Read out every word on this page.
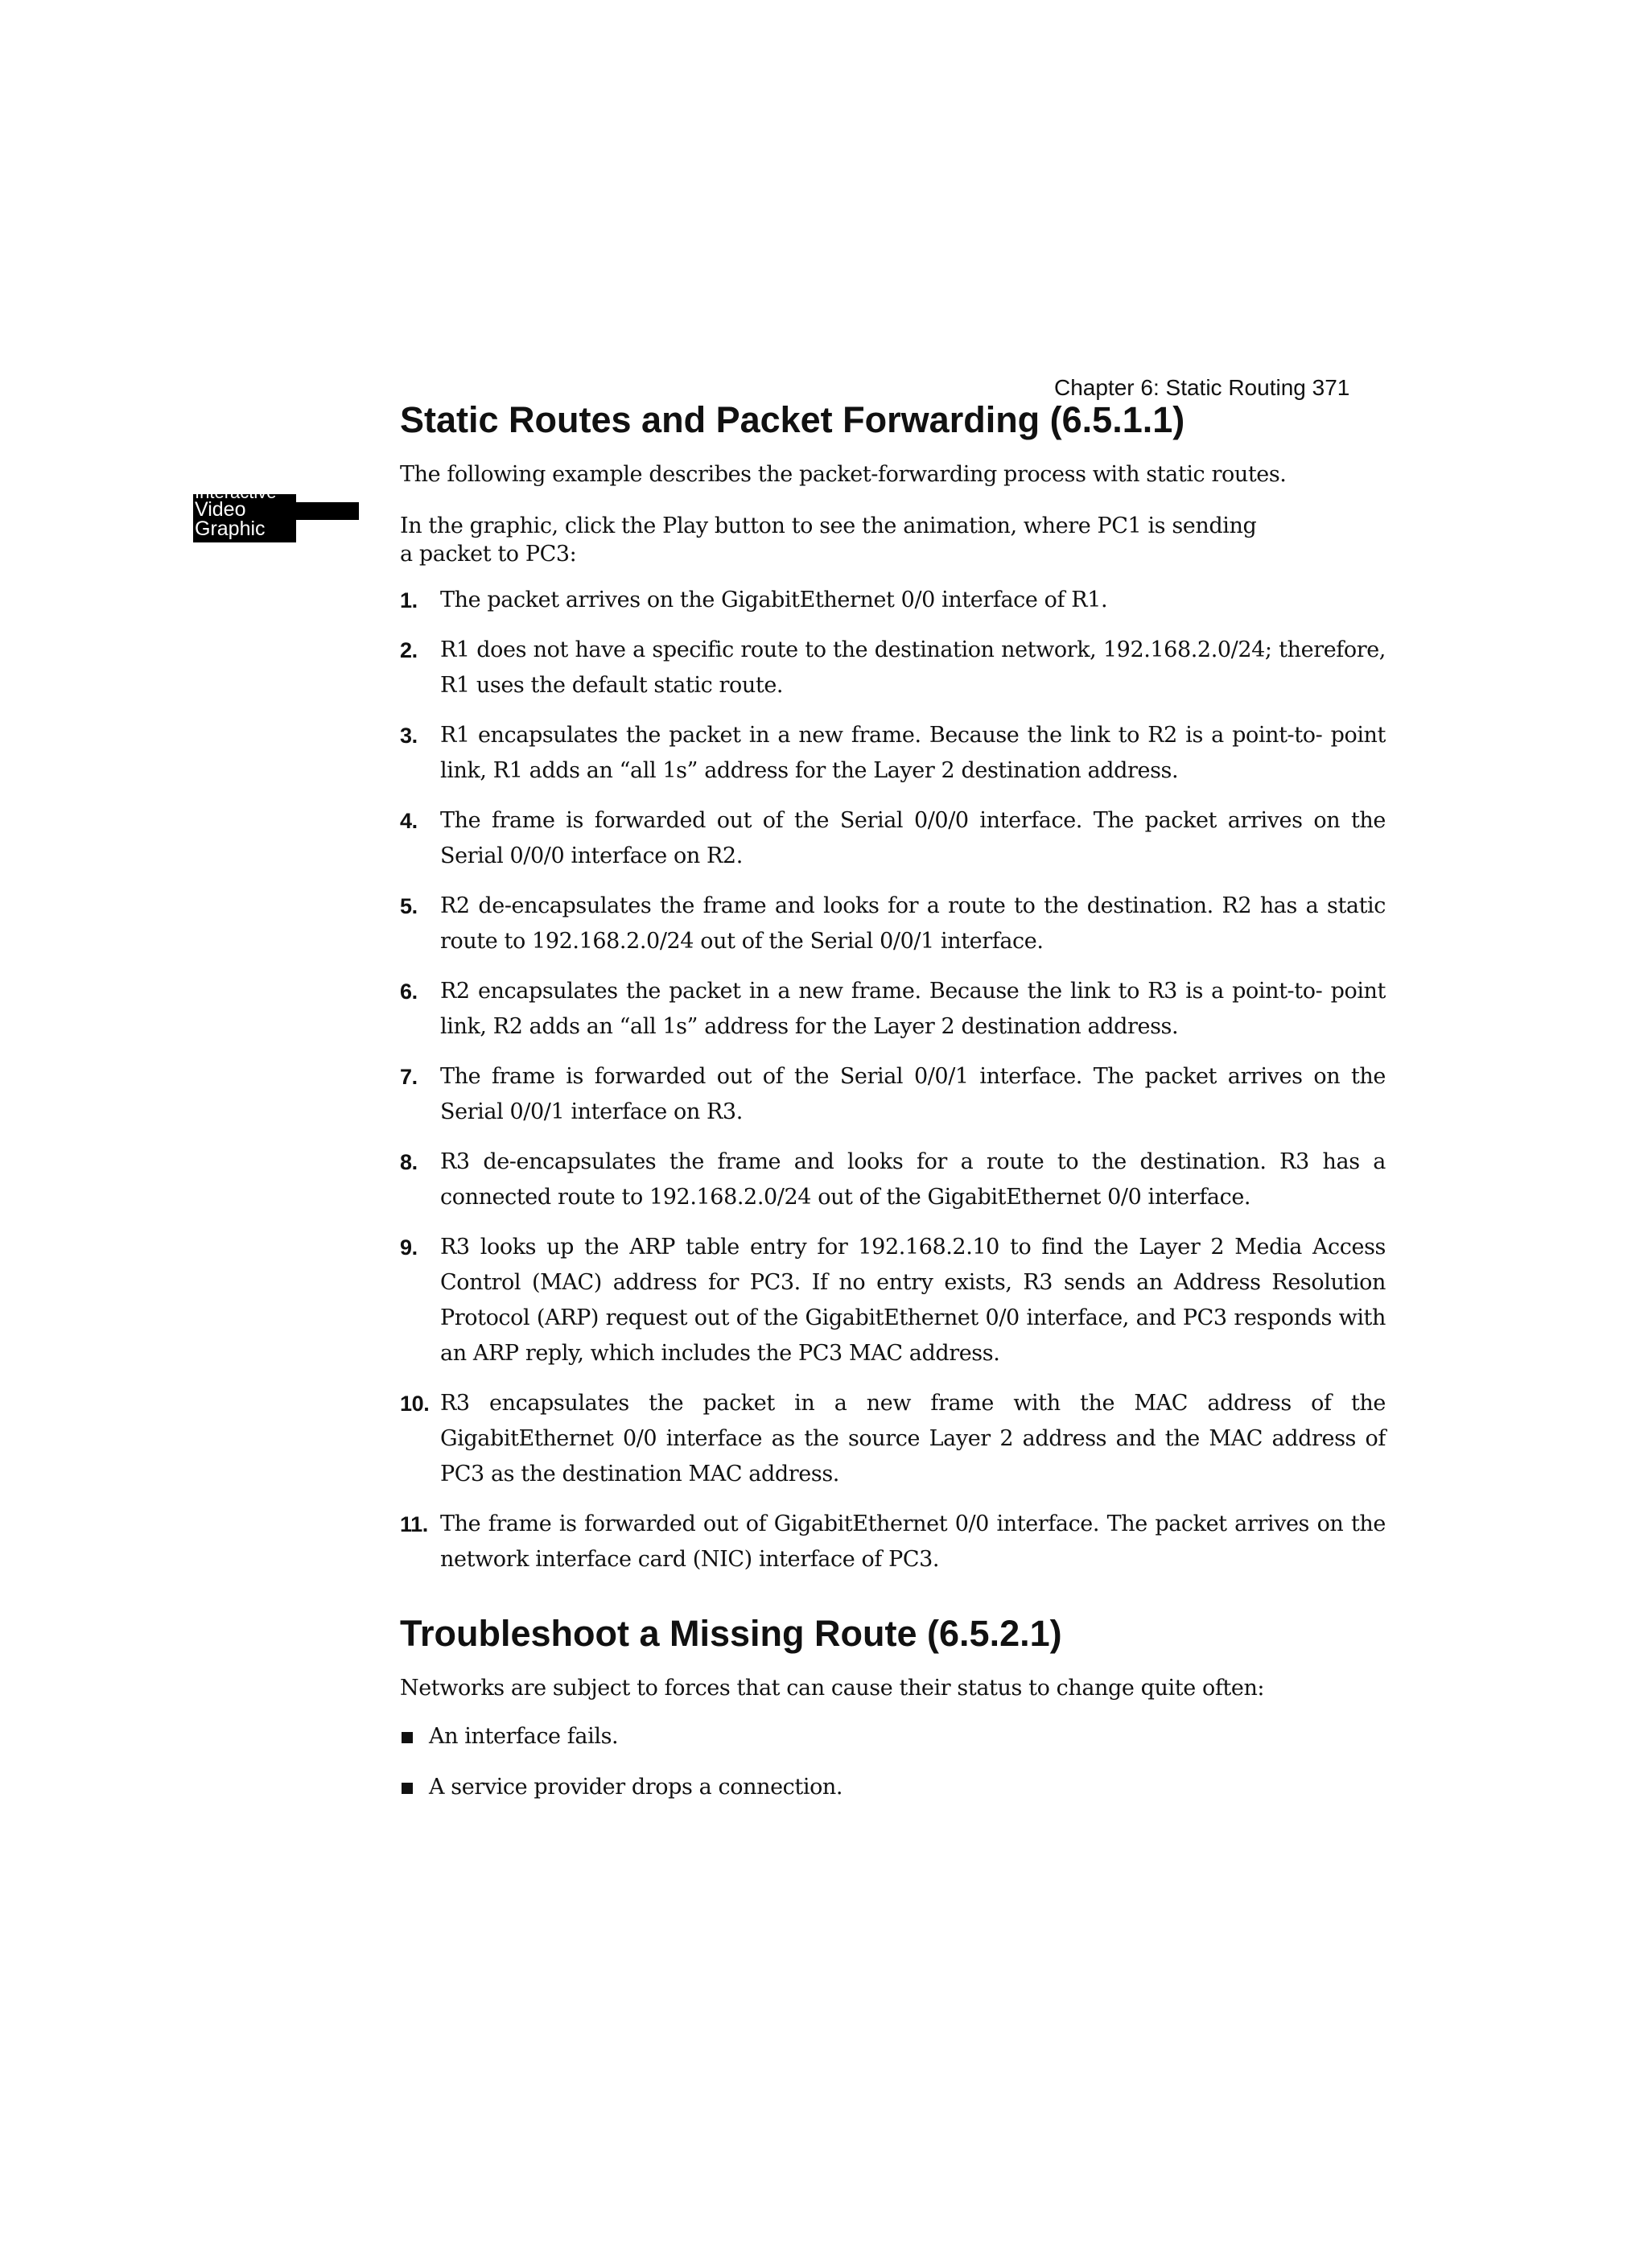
Chapter 6: Static Routing 371
Interactive
Video
Graphic
Static Routes and Packet Forwarding (6.5.1.1)

The following example describes the packet-forwarding process with static routes.

In the graphic, click the Play button to see the animation, where PC1 is sending a packet to PC3:

1. The packet arrives on the GigabitEthernet 0/0 interface of R1.
2. R1 does not have a specific route to the destination network, 192.168.2.0/24; therefore, R1 uses the default static route.
3. R1 encapsulates the packet in a new frame. Because the link to R2 is a point-to- point link, R1 adds an “all 1s” address for the Layer 2 destination address.
4. The frame is forwarded out of the Serial 0/0/0 interface. The packet arrives on the Serial 0/0/0 interface on R2.
5. R2 de-encapsulates the frame and looks for a route to the destination. R2 has a static route to 192.168.2.0/24 out of the Serial 0/0/1 interface.
6. R2 encapsulates the packet in a new frame. Because the link to R3 is a point-to- point link, R2 adds an “all 1s” address for the Layer 2 destination address.
7. The frame is forwarded out of the Serial 0/0/1 interface. The packet arrives on the Serial 0/0/1 interface on R3.
8. R3 de-encapsulates the frame and looks for a route to the destination. R3 has a connected route to 192.168.2.0/24 out of the GigabitEthernet 0/0 interface.
9. R3 looks up the ARP table entry for 192.168.2.10 to find the Layer 2 Media Access Control (MAC) address for PC3. If no entry exists, R3 sends an Address Resolution Protocol (ARP) request out of the GigabitEthernet 0/0 interface, and PC3 responds with an ARP reply, which includes the PC3 MAC address.
10. R3 encapsulates the packet in a new frame with the MAC address of the GigabitEthernet 0/0 interface as the source Layer 2 address and the MAC address of PC3 as the destination MAC address.
11. The frame is forwarded out of GigabitEthernet 0/0 interface. The packet arrives on the network interface card (NIC) interface of PC3.
Troubleshoot a Missing Route (6.5.2.1)

Networks are subject to forces that can cause their status to change quite often:

An interface fails.
A service provider drops a connection.
